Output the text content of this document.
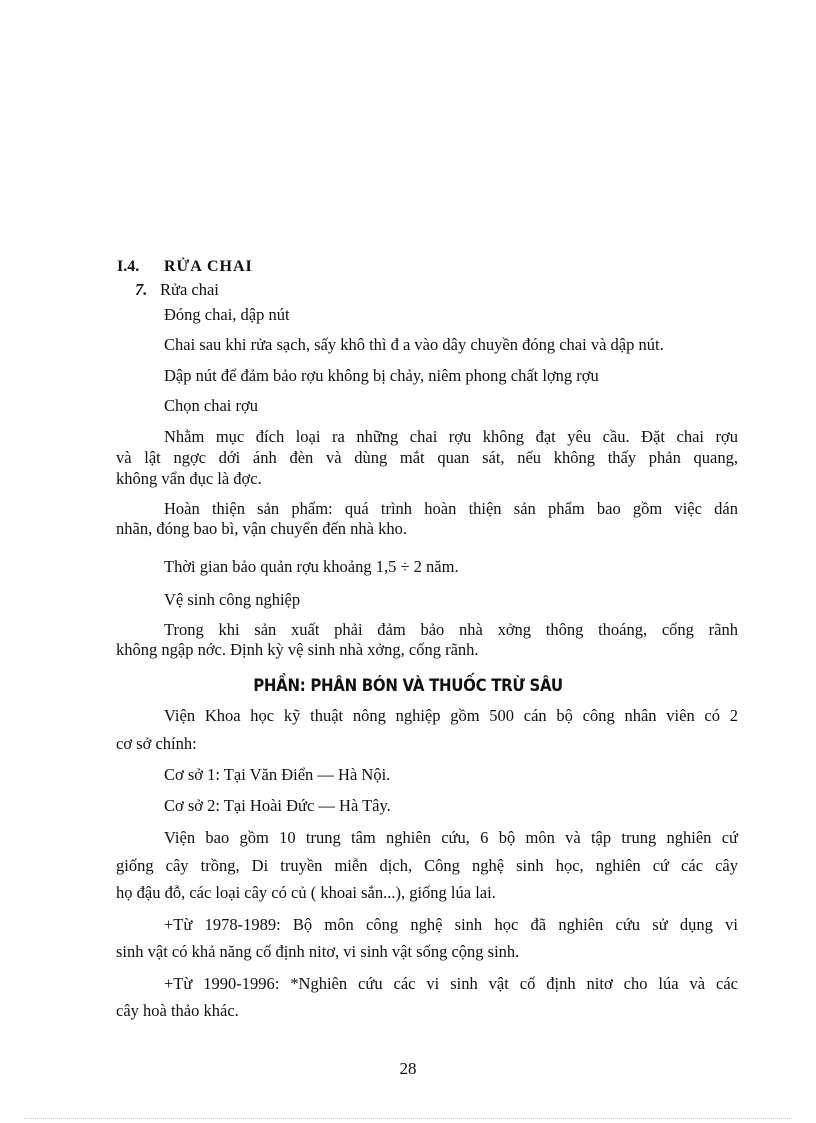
I.4. RỬA CHAI
7. Rửa chai
Đóng chai, dập nút
Chai sau khi rửa sạch, sấy khô thì đ a vào dây chuyền đóng chai và dập nút.
Dập nút để đảm bảo rợu không bị chảy, niêm phong chất lợng rợu
Chọn chai rợu
Nhằm mục đích loại ra những chai rợu không đạt yêu cầu. Đặt chai rợu
và lật ngợc dới ánh đèn và dùng mắt quan sát, nếu không thấy phản quang,
không vẩn đục là đợc.
Hoàn thiện sản phẩm: quá trình hoàn thiện sản phẩm bao gồm việc dán
nhãn, đóng bao bì, vận chuyển đến nhà kho.
Thời gian bảo quản rợu khoảng 1,5 ÷ 2 năm.
Vệ sinh công nghiệp
Trong khi sản xuất phải đảm bảo nhà xởng thông thoáng, cống rãnh
không ngập nớc. Định kỳ vệ sinh nhà xởng, cống rãnh.
PHẦN: PHÂN BÓN VÀ THUỐC TRỪ SÂU
Viện Khoa học kỹ thuật nông nghiệp gồm 500 cán bộ công nhân viên có 2
cơ sở chính:
Cơ sở 1: Tại Văn Điển — Hà Nội.
Cơ sở 2: Tại Hoài Đức — Hà Tây.
Viện bao gồm 10 trung tâm nghiên cứu, 6 bộ môn và tập trung nghiên cứ
giống cây trồng, Di truyền miễn dịch, Công nghệ sinh học, nghiên cứ các cây
họ đậu đỗ, các loại cây có củ ( khoai sắn...), giống lúa lai.
+Từ 1978-1989: Bộ môn công nghệ sinh học đã nghiên cứu sử dụng vi
sinh vật có khả năng cố định nitơ, vi sinh vật sống cộng sinh.
+Từ 1990-1996: *Nghiên cứu các vi sinh vật cố định nitơ cho lúa và các
cây hoà thảo khác.
28
